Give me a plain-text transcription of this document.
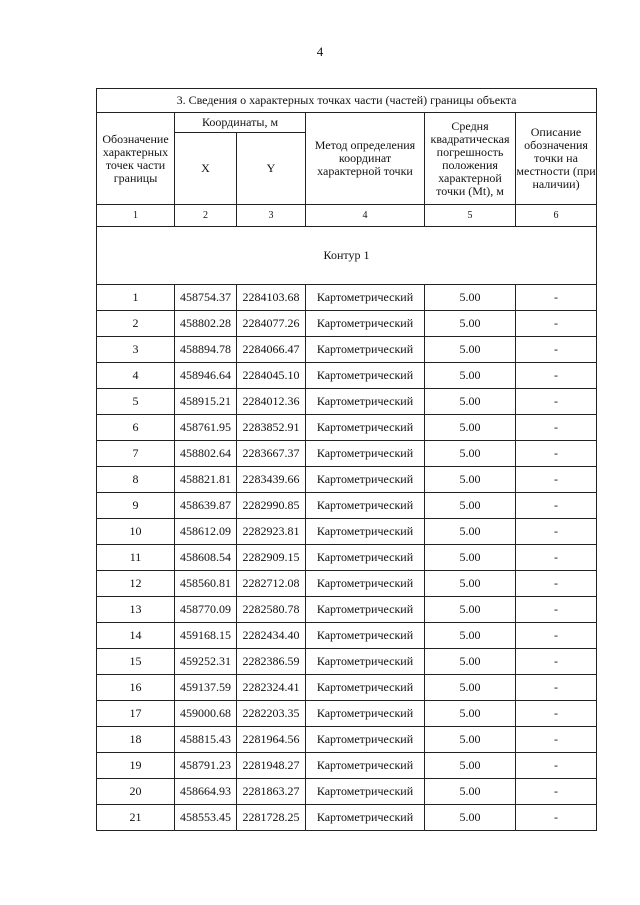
4
3. Сведения о характерных точках части (частей) границы объекта					
Обозначение характерных точек части границы	Координаты, м		Метод определения координат характерной точки	Средня квадратическая погрешность положения характерной точки (Mt), м	Описание обозначения точки на местности (при наличии)
	X	Y			
1	2	3	4	5	6
Контур 1					
1	458754.37	2284103.68	Картометрический	5.00	-
2	458802.28	2284077.26	Картометрический	5.00	-
3	458894.78	2284066.47	Картометрический	5.00	-
4	458946.64	2284045.10	Картометрический	5.00	-
5	458915.21	2284012.36	Картометрический	5.00	-
6	458761.95	2283852.91	Картометрический	5.00	-
7	458802.64	2283667.37	Картометрический	5.00	-
8	458821.81	2283439.66	Картометрический	5.00	-
9	458639.87	2282990.85	Картометрический	5.00	-
10	458612.09	2282923.81	Картометрический	5.00	-
11	458608.54	2282909.15	Картометрический	5.00	-
12	458560.81	2282712.08	Картометрический	5.00	-
13	458770.09	2282580.78	Картометрический	5.00	-
14	459168.15	2282434.40	Картометрический	5.00	-
15	459252.31	2282386.59	Картометрический	5.00	-
16	459137.59	2282324.41	Картометрический	5.00	-
17	459000.68	2282203.35	Картометрический	5.00	-
18	458815.43	2281964.56	Картометрический	5.00	-
19	458791.23	2281948.27	Картометрический	5.00	-
20	458664.93	2281863.27	Картометрический	5.00	-
21	458553.45	2281728.25	Картометрический	5.00	-
